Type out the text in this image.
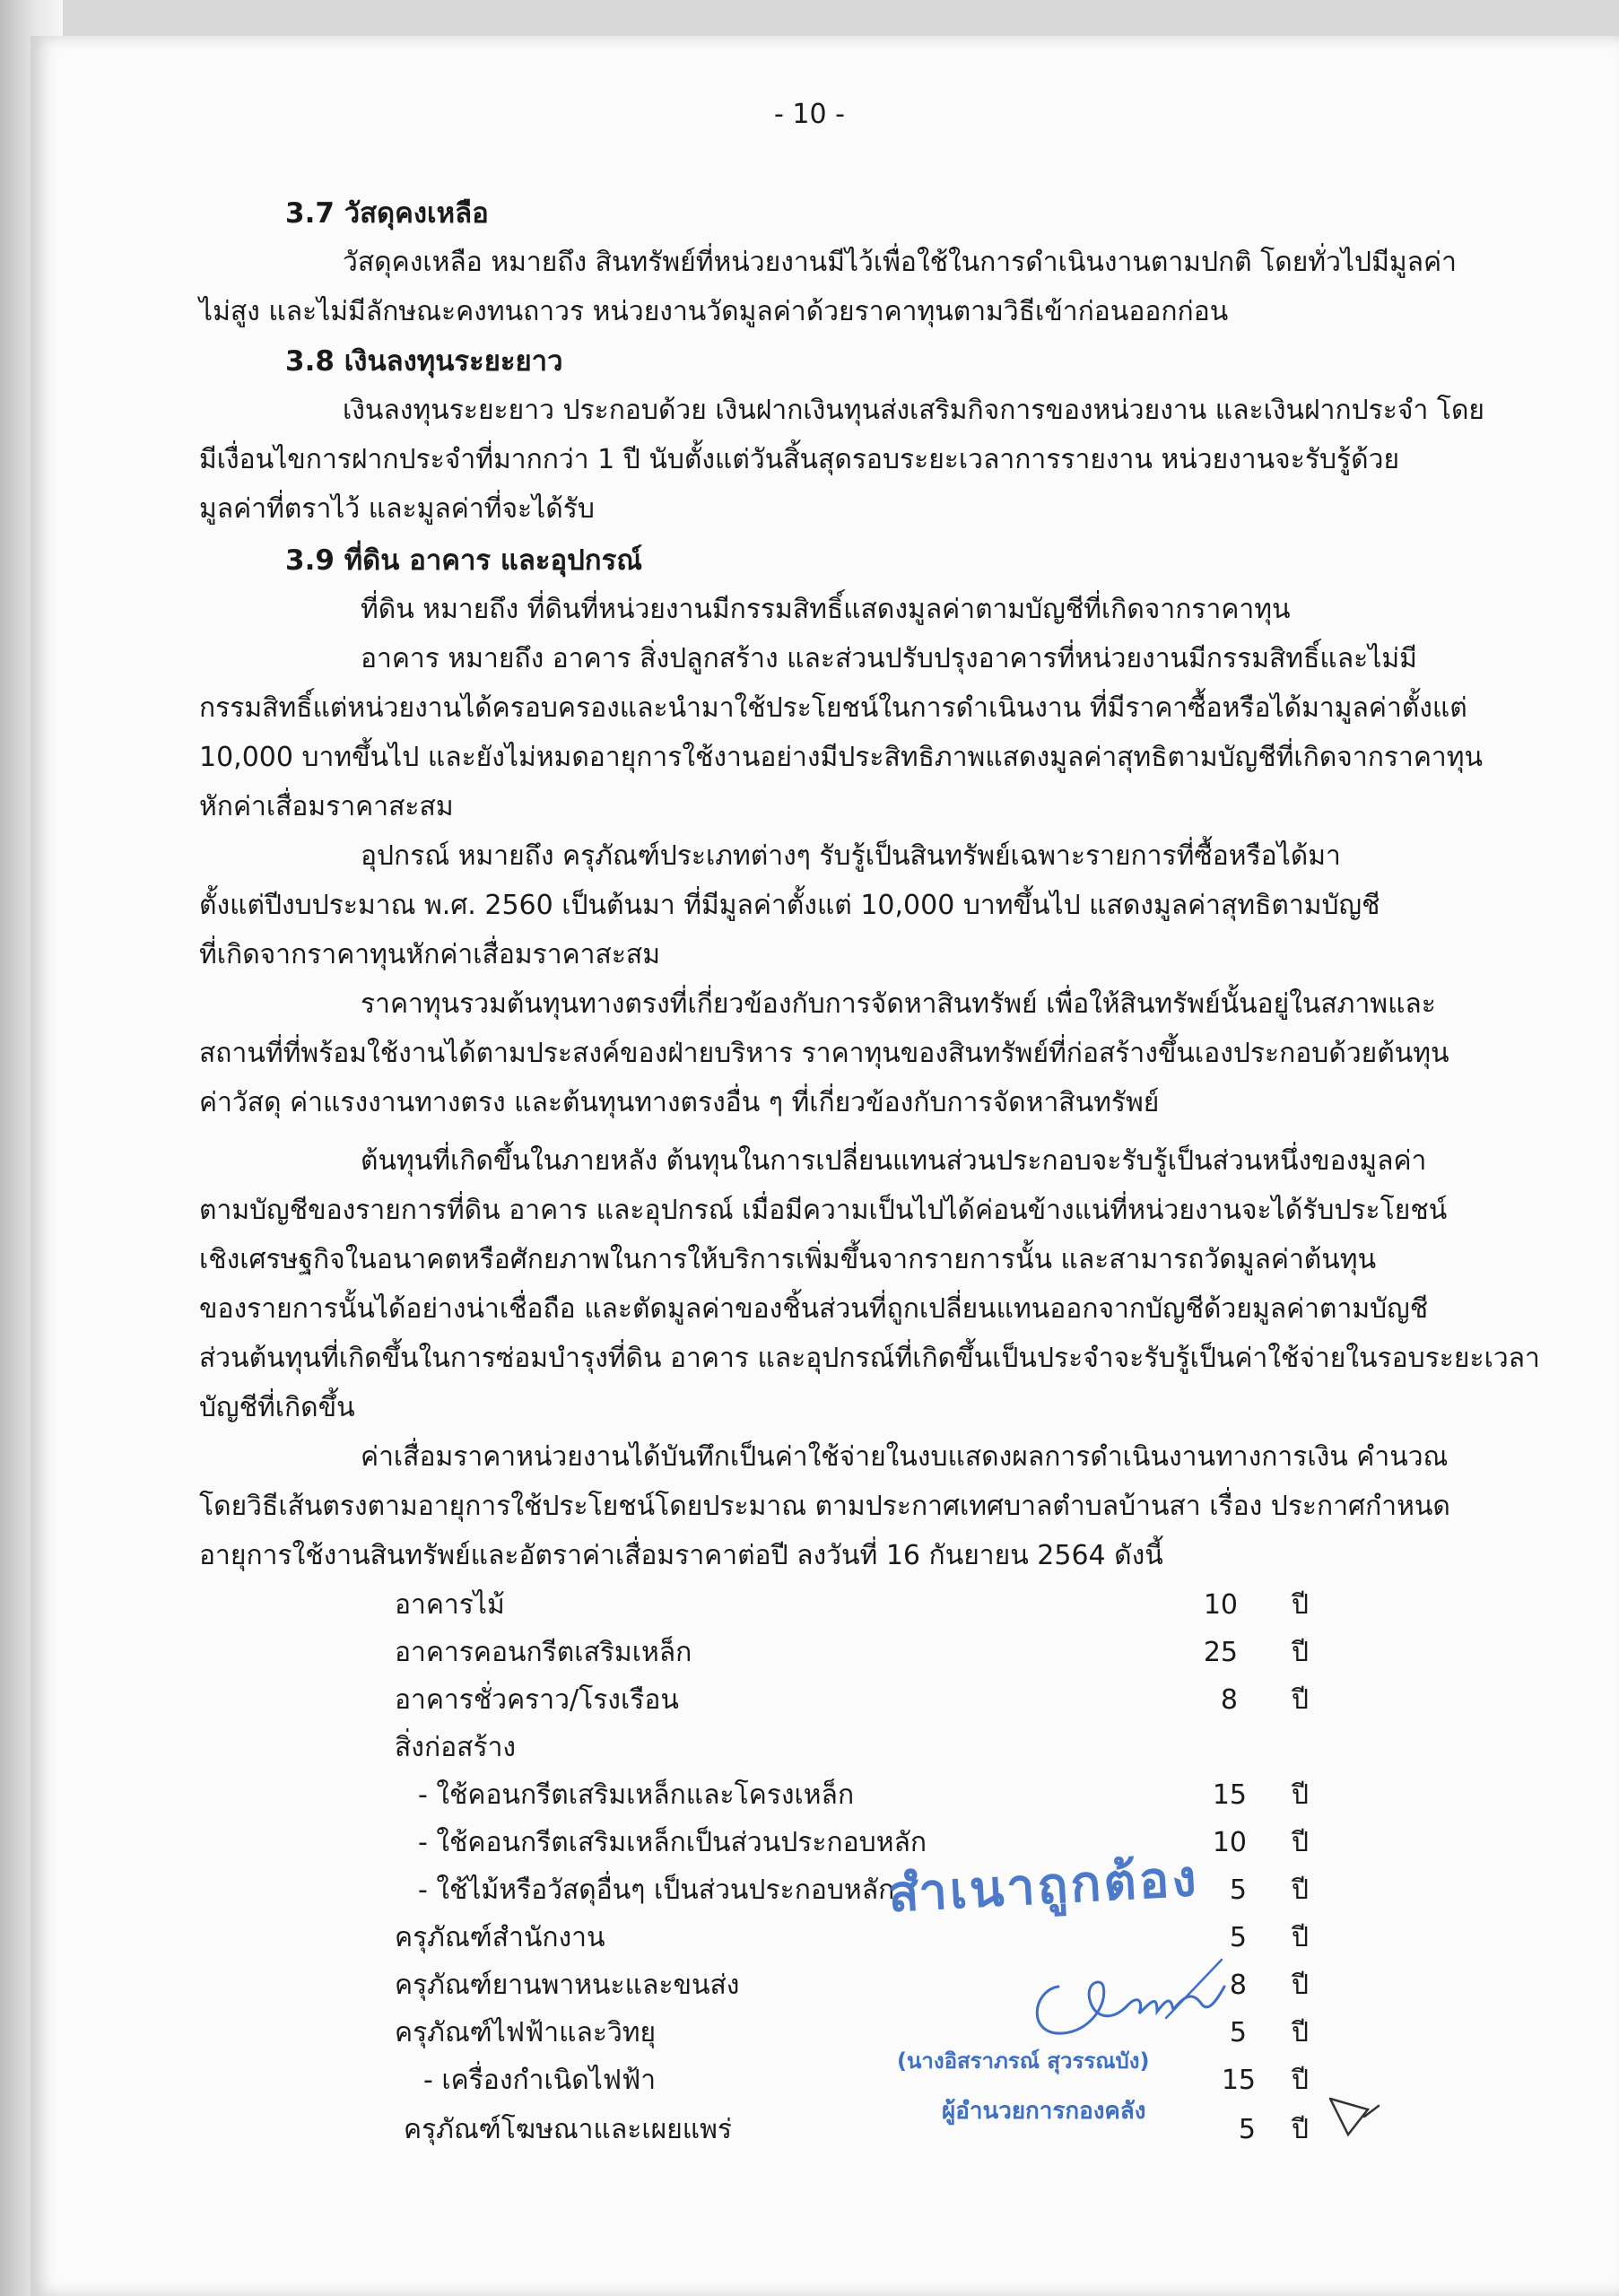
- 10 -
3.7 วัสดุคงเหลือ
วัสดุคงเหลือ หมายถึง สินทรัพย์ที่หน่วยงานมีไว้เพื่อใช้ในการดำเนินงานตามปกติ โดยทั่วไปมีมูลค่า
ไม่สูง และไม่มีลักษณะคงทนถาวร หน่วยงานวัดมูลค่าด้วยราคาทุนตามวิธีเข้าก่อนออกก่อน
3.8 เงินลงทุนระยะยาว
เงินลงทุนระยะยาว ประกอบด้วย เงินฝากเงินทุนส่งเสริมกิจการของหน่วยงาน และเงินฝากประจำ โดย
มีเงื่อนไขการฝากประจำที่มากกว่า 1 ปี นับตั้งแต่วันสิ้นสุดรอบระยะเวลาการรายงาน หน่วยงานจะรับรู้ด้วย
มูลค่าที่ตราไว้ และมูลค่าที่จะได้รับ
3.9 ที่ดิน อาคาร และอุปกรณ์
ที่ดิน หมายถึง ที่ดินที่หน่วยงานมีกรรมสิทธิ์แสดงมูลค่าตามบัญชีที่เกิดจากราคาทุน
อาคาร หมายถึง อาคาร สิ่งปลูกสร้าง และส่วนปรับปรุงอาคารที่หน่วยงานมีกรรมสิทธิ์และไม่มี
กรรมสิทธิ์แต่หน่วยงานได้ครอบครองและนำมาใช้ประโยชน์ในการดำเนินงาน ที่มีราคาซื้อหรือได้มามูลค่าตั้งแต่
10,000 บาทขึ้นไป และยังไม่หมดอายุการใช้งานอย่างมีประสิทธิภาพแสดงมูลค่าสุทธิตามบัญชีที่เกิดจากราคาทุน
หักค่าเสื่อมราคาสะสม
อุปกรณ์ หมายถึง ครุภัณฑ์ประเภทต่างๆ รับรู้เป็นสินทรัพย์เฉพาะรายการที่ซื้อหรือได้มา
ตั้งแต่ปีงบประมาณ พ.ศ. 2560 เป็นต้นมา ที่มีมูลค่าตั้งแต่ 10,000 บาทขึ้นไป แสดงมูลค่าสุทธิตามบัญชี
ที่เกิดจากราคาทุนหักค่าเสื่อมราคาสะสม
ราคาทุนรวมต้นทุนทางตรงที่เกี่ยวข้องกับการจัดหาสินทรัพย์ เพื่อให้สินทรัพย์นั้นอยู่ในสภาพและ
สถานที่ที่พร้อมใช้งานได้ตามประสงค์ของฝ่ายบริหาร ราคาทุนของสินทรัพย์ที่ก่อสร้างขึ้นเองประกอบด้วยต้นทุน
ค่าวัสดุ ค่าแรงงานทางตรง และต้นทุนทางตรงอื่น ๆ ที่เกี่ยวข้องกับการจัดหาสินทรัพย์
ต้นทุนที่เกิดขึ้นในภายหลัง ต้นทุนในการเปลี่ยนแทนส่วนประกอบจะรับรู้เป็นส่วนหนึ่งของมูลค่า
ตามบัญชีของรายการที่ดิน อาคาร และอุปกรณ์ เมื่อมีความเป็นไปได้ค่อนข้างแน่ที่หน่วยงานจะได้รับประโยชน์
เชิงเศรษฐกิจในอนาคตหรือศักยภาพในการให้บริการเพิ่มขึ้นจากรายการนั้น และสามารถวัดมูลค่าต้นทุน
ของรายการนั้นได้อย่างน่าเชื่อถือ และตัดมูลค่าของชิ้นส่วนที่ถูกเปลี่ยนแทนออกจากบัญชีด้วยมูลค่าตามบัญชี
ส่วนต้นทุนที่เกิดขึ้นในการซ่อมบำรุงที่ดิน อาคาร และอุปกรณ์ที่เกิดขึ้นเป็นประจำจะรับรู้เป็นค่าใช้จ่ายในรอบระยะเวลา
บัญชีที่เกิดขึ้น
ค่าเสื่อมราคาหน่วยงานได้บันทึกเป็นค่าใช้จ่ายในงบแสดงผลการดำเนินงานทางการเงิน คำนวณ
โดยวิธีเส้นตรงตามอายุการใช้ประโยชน์โดยประมาณ ตามประกาศเทศบาลตำบลบ้านสา เรื่อง ประกาศกำหนด
อายุการใช้งานสินทรัพย์และอัตราค่าเสื่อมราคาต่อปี ลงวันที่ 16 กันยายน 2564 ดังนี้
อาคารไม้	10 ปี
อาคารคอนกรีตเสริมเหล็ก	25 ปี
อาคารชั่วคราว/โรงเรือน	8 ปี
สิ่งก่อสร้าง
- ใช้คอนกรีตเสริมเหล็กและโครงเหล็ก	15 ปี
- ใช้คอนกรีตเสริมเหล็กเป็นส่วนประกอบหลัก	10 ปี
- ใช้ไม้หรือวัสดุอื่นๆ เป็นส่วนประกอบหลัก	5 ปี
ครุภัณฑ์สำนักงาน	5 ปี
ครุภัณฑ์ยานพาหนะและขนส่ง	8 ปี
ครุภัณฑ์ไฟฟ้าและวิทยุ	5 ปี
- เครื่องกำเนิดไฟฟ้า	15 ปี
ครุภัณฑ์โฆษณาและเผยแพร่	5 ปี
สำเนาถูกต้อง
(นางอิสราภรณ์ สุวรรณบัง)
ผู้อำนวยการกองคลัง
